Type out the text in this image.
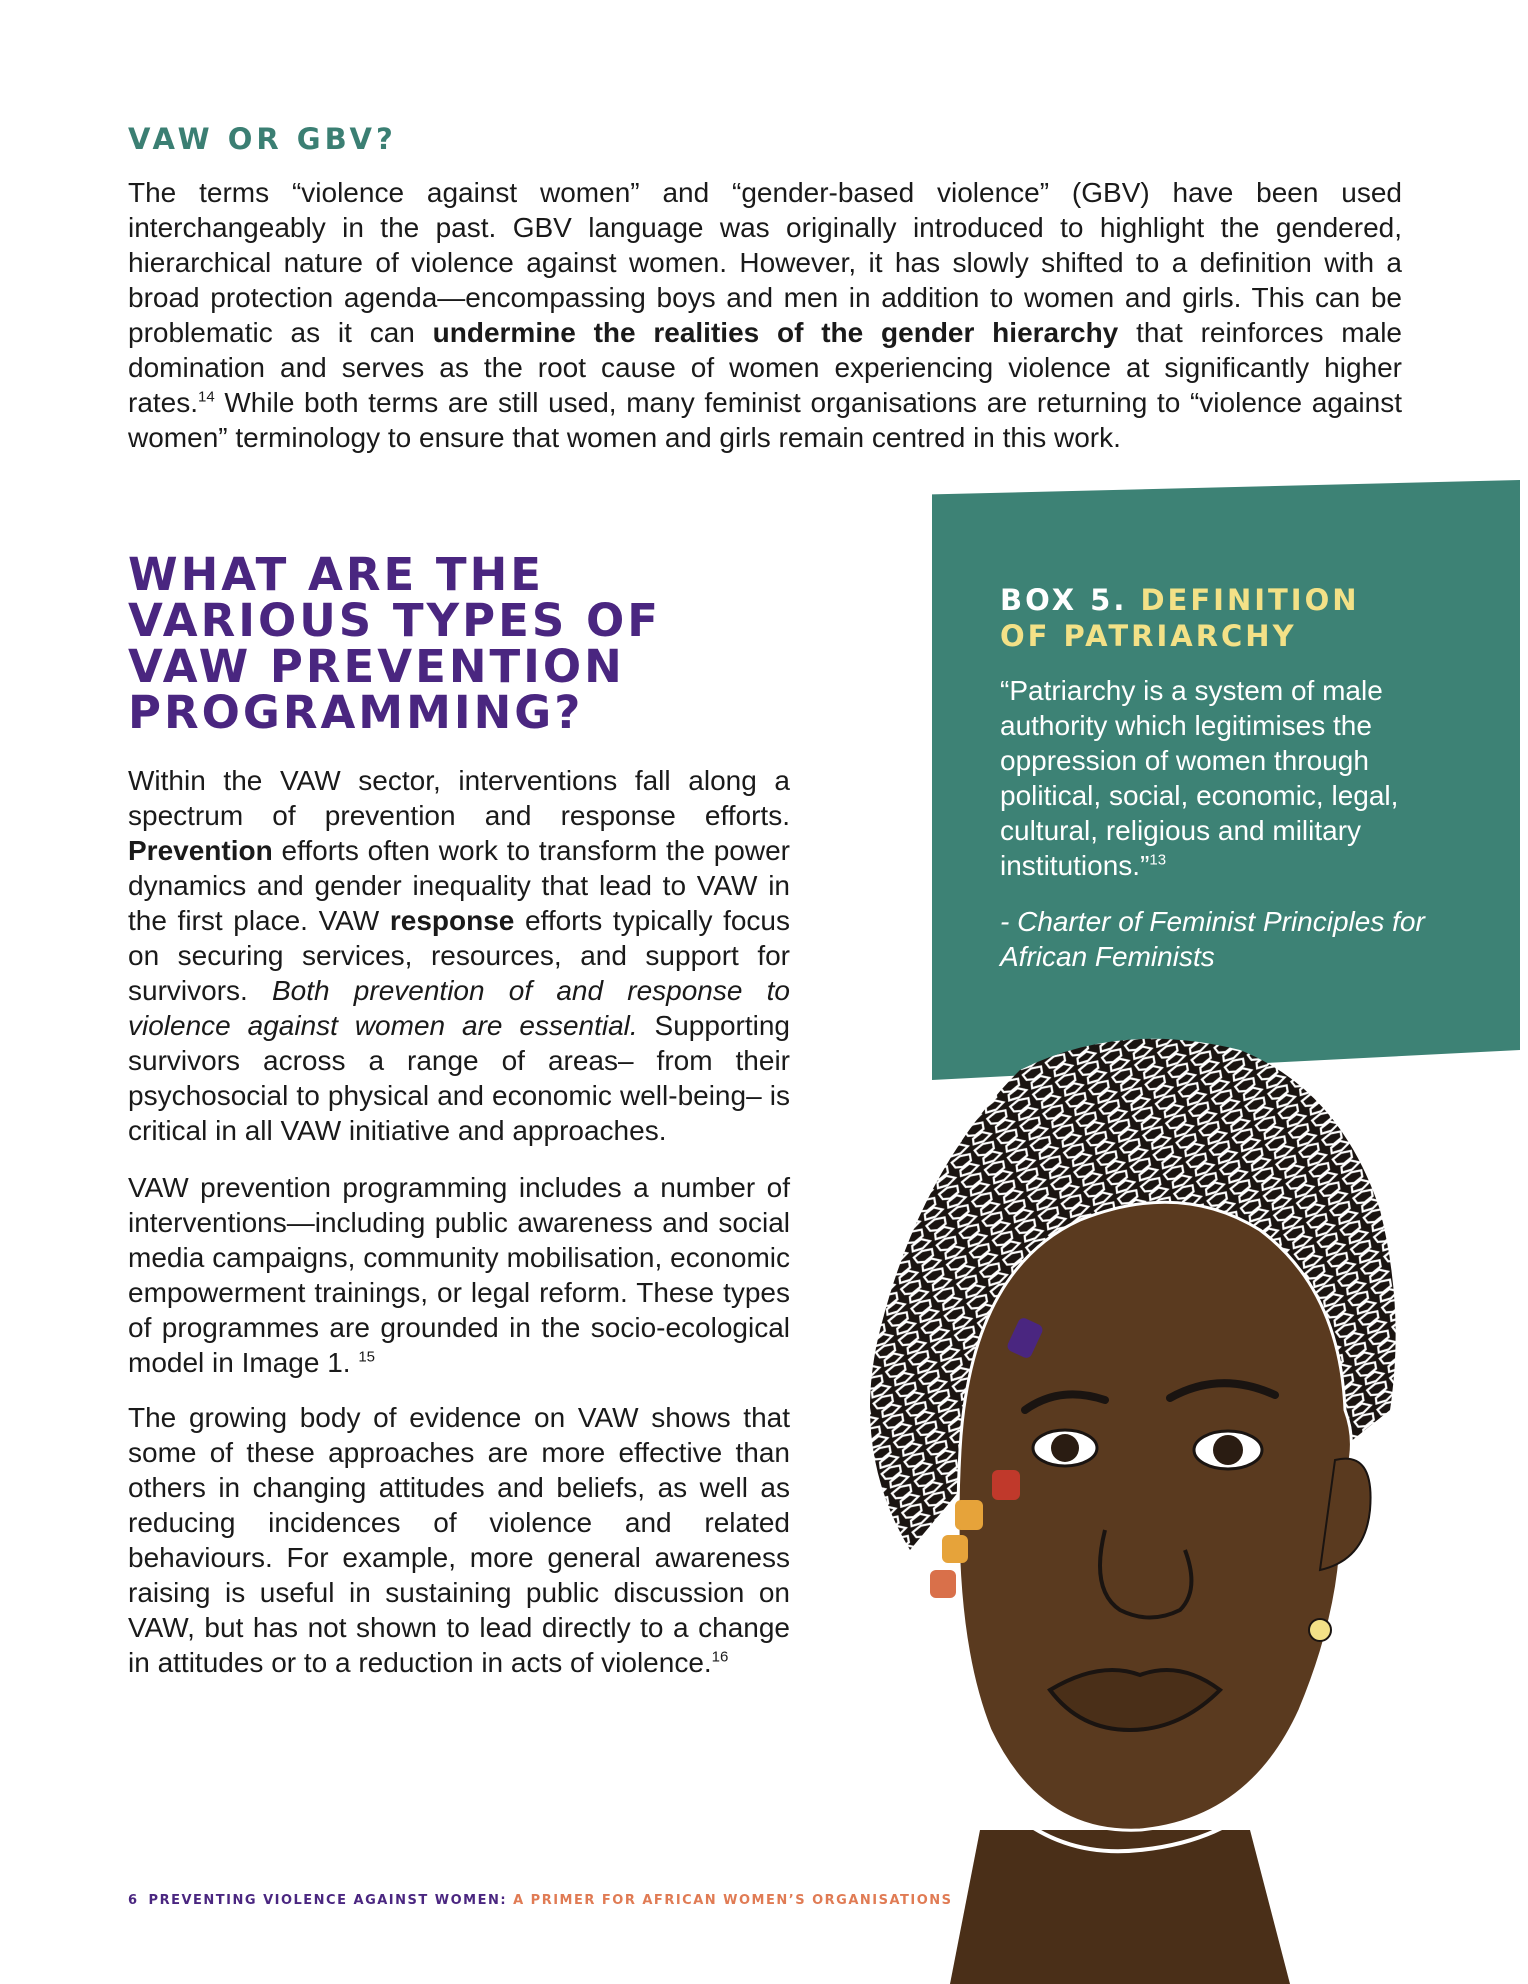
VAW OR GBV?

The terms “violence against women” and “gender-based violence” (GBV) have been used interchangeably in the past. GBV language was originally introduced to highlight the gendered, hierarchical nature of violence against women. However, it has slowly shifted to a definition with a broad protection agenda—encompassing boys and men in addition to women and girls. This can be problematic as it can undermine the realities of the gender hierarchy that reinforces male domination and serves as the root cause of women experiencing violence at significantly higher rates.$^{14}$ While both terms are still used, many feminist organisations are returning to “violence against women” terminology to ensure that women and girls remain centred in this work.

WHAT ARE THE VARIOUS TYPES OF VAW PREVENTION PROGRAMMING?

Within the VAW sector, interventions fall along a spectrum of prevention and response efforts. Prevention efforts often work to transform the power dynamics and gender inequality that lead to VAW in the first place. VAW response efforts typically focus on securing services, resources, and support for survivors. Both prevention of and response to violence against women are essential. Supporting survivors across a range of areas– from their psychosocial to physical and economic well-being– is critical in all VAW initiative and approaches.

VAW prevention programming includes a number of interventions—including public awareness and social media campaigns, community mobilisation, economic empowerment trainings, or legal reform. These types of programmes are grounded in the socio-ecological model in Image 1. $^{15}$

The growing body of evidence on VAW shows that some of these approaches are more effective than others in changing attitudes and beliefs, as well as reducing incidences of violence and related behaviours. For example, more general awareness raising is useful in sustaining public discussion on VAW, but has not shown to lead directly to a change in attitudes or to a reduction in acts of violence.$^{16}$

BOX 5. DEFINITION OF PATRIARCHY

“Patriarchy is a system of male authority which legitimises the oppression of women through political, social, economic, legal, cultural, religious and military institutions.”$^{13}$

- Charter of Feminist Principles for African Feminists

6 PREVENTING VIOLENCE AGAINST WOMEN: A PRIMER FOR AFRICAN WOMEN’S ORGANISATIONS
